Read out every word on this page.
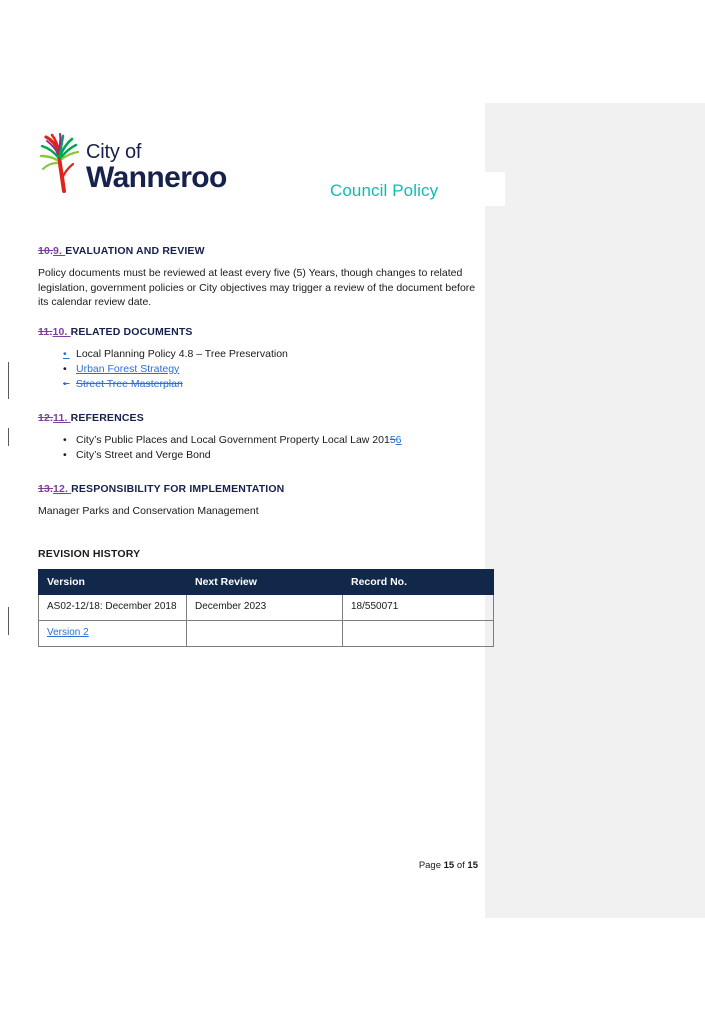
City of
Wanneroo	Council Policy
10.9. EVALUATION AND REVIEW

Policy documents must be reviewed at least every five (5) Years, though changes to related legislation, government policies or City objectives may trigger a review of the document before its calendar review date.

11.10. RELATED DOCUMENTS
• Local Planning Policy 4.8 – Tree Preservation
• Urban Forest Strategy
• Street Tree Masterplan
12.11. REFERENCES
• City’s Public Places and Local Government Property Local Law 20156
• City’s Street and Verge Bond
13.12. RESPONSIBILITY FOR IMPLEMENTATION

Manager Parks and Conservation Management

REVISION HISTORY
Version	Next Review	Record No.
AS02-12/18: December 2018	December 2023	18/550071
Version 2		
Page 15 of 15
